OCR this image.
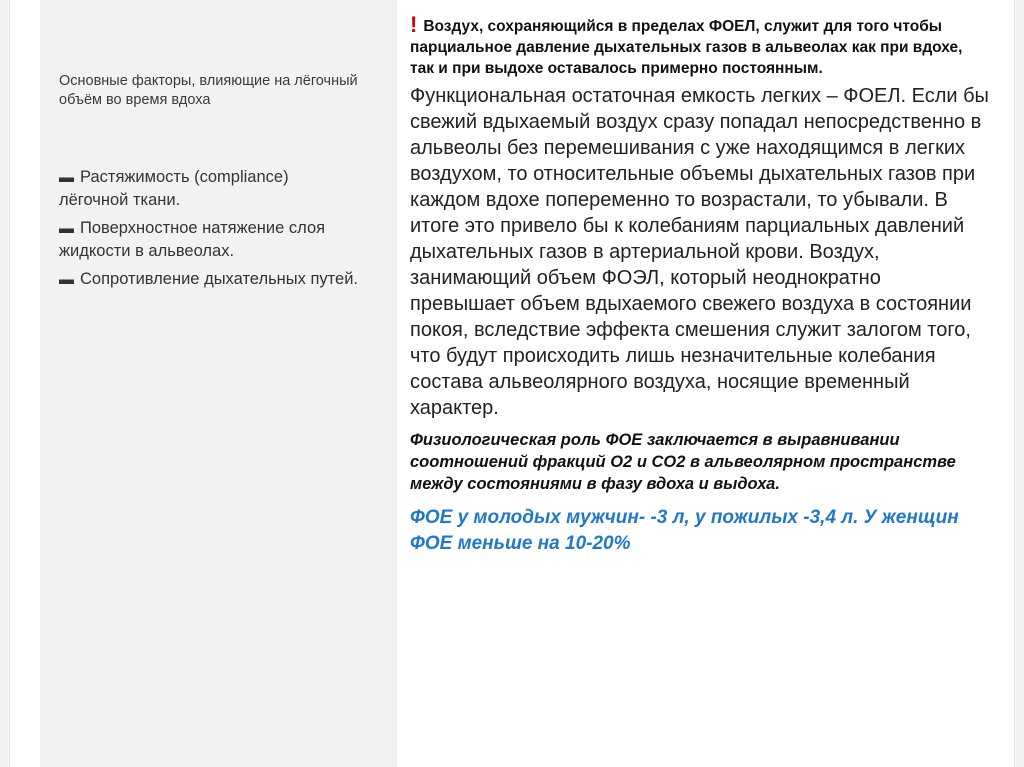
Основные факторы, влияющие на лёгочный объём во время вдоха
▬ Растяжимость (compliance) лёгочной ткани.
▬ Поверхностное натяжение слоя жидкости в альвеолах.
▬ Сопротивление дыхательных путей.
! Воздух, сохраняющийся в пределах ФОЕЛ, служит для того чтобы парциальное давление дыхательных газов в альвеолах как при вдохе, так и при выдохе оставалось примерно постоянным.
Функциональная остаточная емкость легких – ФОЕЛ. Если бы свежий вдыхаемый воздух сразу попадал непосредственно в альвеолы без перемешивания с уже находящимся в легких воздухом, то относительные объемы дыхательных газов при каждом вдохе попеременно то возрастали, то убывали. В итоге это привело бы к колебаниям парциальных давлений дыхательных газов в артериальной крови. Воздух, занимающий объем ФОЭЛ, который неоднократно превышает объем вдыхаемого свежего воздуха в состоянии покоя, вследствие эффекта смешения служит залогом того, что будут происходить лишь незначительные колебания состава альвеолярного воздуха, носящие временный характер.
Физиологическая роль ФОЕ заключается в выравнивании соотношений фракций О2 и СО2 в альвеолярном пространстве между состояниями в фазу вдоха и выдоха.
ФОЕ у молодых мужчин- -3 л, у пожилых -3,4 л. У женщин ФОЕ меньше на 10-20%
